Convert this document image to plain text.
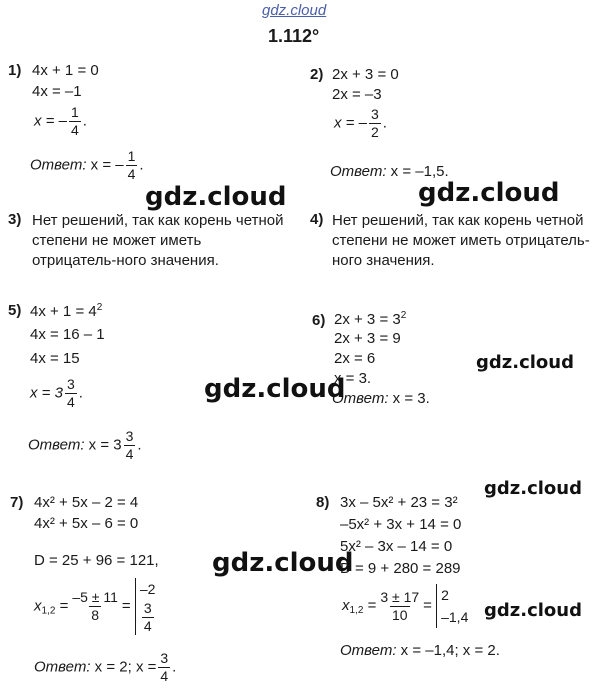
gdz.cloud
1.112°
1) 4x + 1 = 0
4x = –1
x = – $\frac{1}{4}$ .
Ответ: x = – $\frac{1}{4}$ .
2) 2x + 3 = 0
2x = –3
x = – $\frac{3}{2}$ .
Ответ: x = –1,5.
gdz.cloud	gdz.cloud
3) Нет решений, так как корень четной степени не может иметь отрицатель-ного значения.
4) Нет решений, так как корень четной степени не может иметь отрицатель-ного значения.
5) $4x + 1 = 4^2$
4x = 16 – 1
4x = 15
$x = 3 \frac{3}{4}$ .
Ответ: $x = 3 \frac{3}{4}$ .
6) $2x + 3 = 3^2$
2x + 3 = 9
2x = 6
x = 3.
Ответ: x = 3.
gdz.cloud
gdz.cloud
gdz.cloud
7) 4x² + 5x – 2 = 4
4x² + 5x – 6 = 0
D = 25 + 96 = 121,
$x_{1,2} = \frac{-5 \pm 11}{8}$ =
–2
$\frac{3}{4}$
Ответ: x = 2; $x = \frac{3}{4}$ .
8) 3x – 5x² + 23 = 3²
–5x² + 3x + 14 = 0
5x² – 3x – 14 = 0
D = 9 + 280 = 289
$x_{1,2} = \frac{3 \pm 17}{10}$ =
2
–1,4
Ответ: x = –1,4; x = 2.
gdz.cloud
gdz.cloud
